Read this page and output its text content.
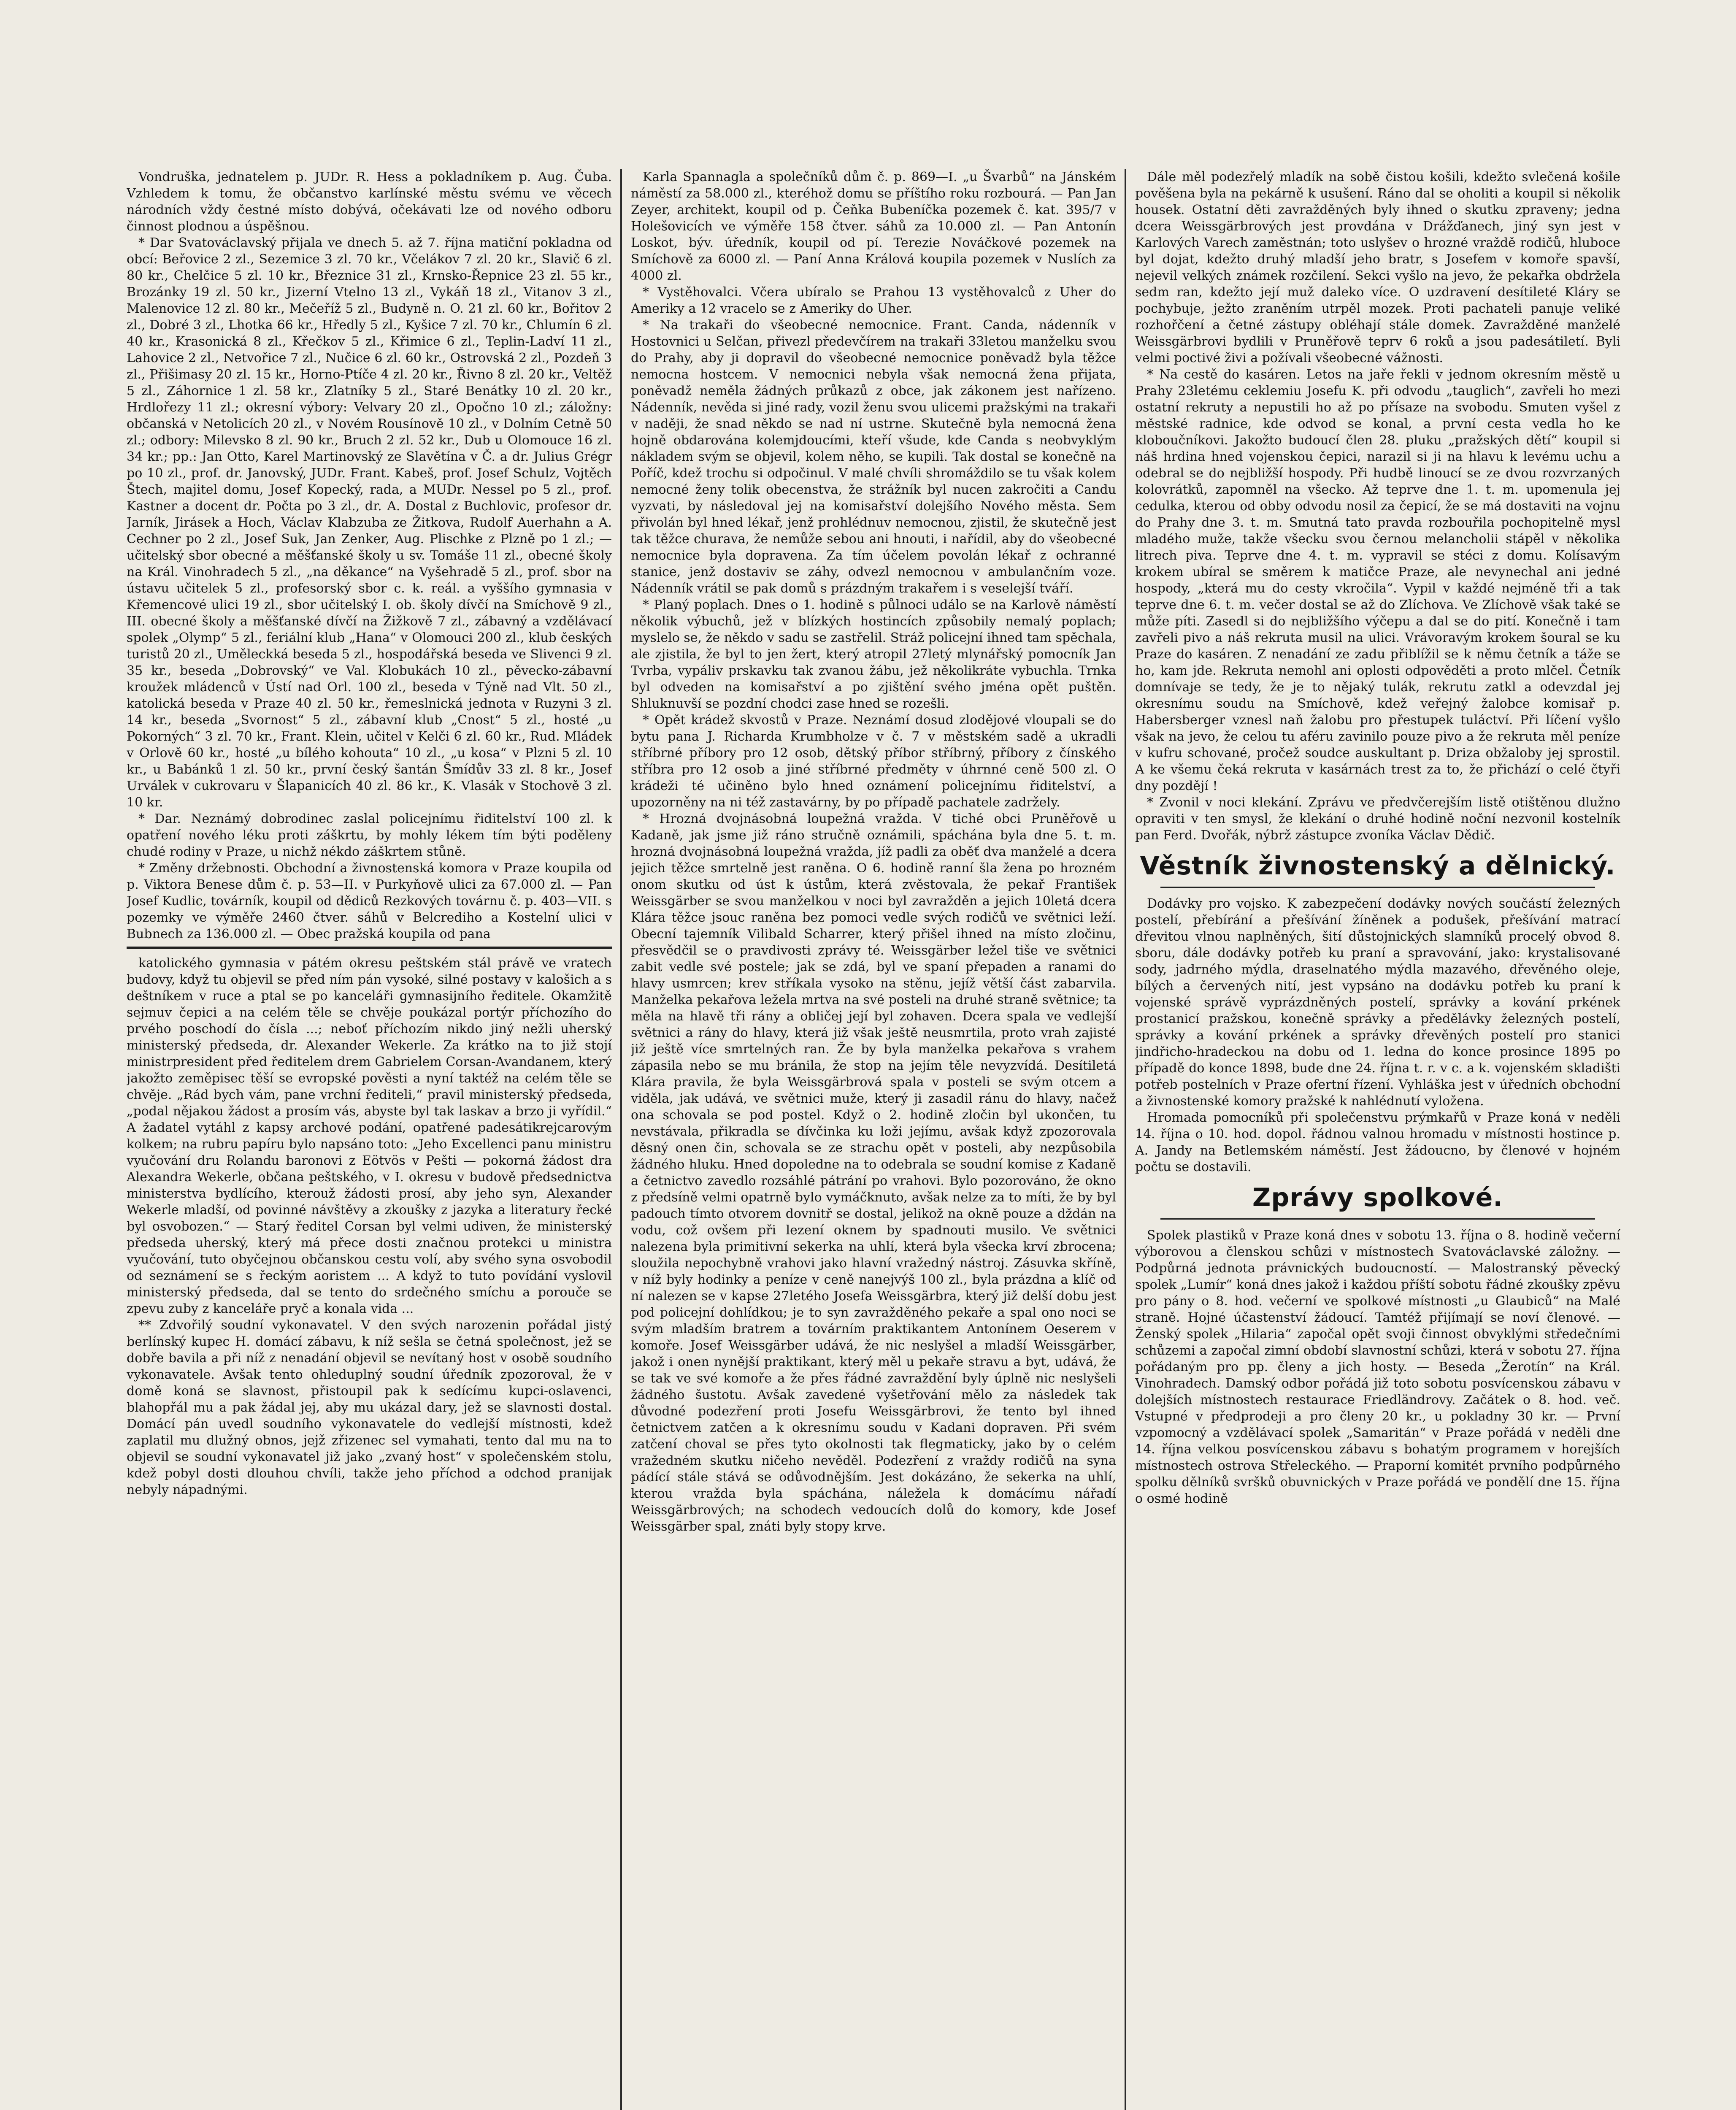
Vondruška, jednatelem p. JUDr. R. Hess a pokladníkem p. Aug. Čuba. Vzhledem k tomu, že občanstvo karlínské městu svému ve věcech národních vždy čestné místo dobývá, očekávati lze od nového odboru činnost plodnou a úspěšnou.

* Dar Svatováclavský přijala ve dnech 5. až 7. října matiční pokladna od obcí: Beřovice 2 zl., Sezemice 3 zl. 70 kr., Včelákov 7 zl. 20 kr., Slavič 6 zl. 80 kr., Chelčice 5 zl. 10 kr., Březnice 31 zl., Krnsko-Řepnice 23 zl. 55 kr., Brozánky 19 zl. 50 kr., Jizerní Vtelno 13 zl., Vykáň 18 zl., Vitanov 3 zl., Malenovice 12 zl. 80 kr., Mečeříž 5 zl., Budyně n. O. 21 zl. 60 kr., Bořitov 2 zl., Dobré 3 zl., Lhotka 66 kr., Hředly 5 zl., Kyšice 7 zl. 70 kr., Chlumín 6 zl. 40 kr., Krasonická 8 zl., Křečkov 5 zl., Křimice 6 zl., Teplin-Ladví 11 zl., Lahovice 2 zl., Netvořice 7 zl., Nučice 6 zl. 60 kr., Ostrovská 2 zl., Pozdeň 3 zl., Přišimasy 20 zl. 15 kr., Horno-Ptíče 4 zl. 20 kr., Řivno 8 zl. 20 kr., Veltěž 5 zl., Záhornice 1 zl. 58 kr., Zlatníky 5 zl., Staré Benátky 10 zl. 20 kr., Hrdlořezy 11 zl.; okresní výbory: Velvary 20 zl., Opočno 10 zl.; záložny: občanská v Netolicích 20 zl., v Novém Rousínově 10 zl., v Dolním Cetně 50 zl.; odbory: Milevsko 8 zl. 90 kr., Bruch 2 zl. 52 kr., Dub u Olomouce 16 zl. 34 kr.; pp.: Jan Otto, Karel Martinovský ze Slavětína v Č. a dr. Julius Grégr po 10 zl., prof. dr. Janovský, JUDr. Frant. Kabeš, prof. Josef Schulz, Vojtěch Štech, majitel domu, Josef Kopecký, rada, a MUDr. Nessel po 5 zl., prof. Kastner a docent dr. Počta po 3 zl., dr. A. Dostal z Buchlovic, profesor dr. Jarník, Jirásek a Hoch, Václav Klabzuba ze Žitkova, Rudolf Auerhahn a A. Cechner po 2 zl., Josef Suk, Jan Zenker, Aug. Plischke z Plzně po 1 zl.; — učitelský sbor obecné a měšťanské školy u sv. Tomáše 11 zl., obecné školy na Král. Vinohradech 5 zl., „na děkance“ na Vyšehradě 5 zl., prof. sbor na ústavu učitelek 5 zl., profesorský sbor c. k. reál. a vyššího gymnasia v Křemencové ulici 19 zl., sbor učitelský I. ob. školy dívčí na Smíchově 9 zl., III. obecné školy a měšťanské dívčí na Žižkově 7 zl., zábavný a vzdělávací spolek „Olymp“ 5 zl., feriální klub „Hana“ v Olomouci 200 zl., klub českých turistů 20 zl., Uměleckká beseda 5 zl., hospodářská beseda ve Slivenci 9 zl. 35 kr., beseda „Dobrovský“ ve Val. Klobukách 10 zl., pěvecko-zábavní kroužek mládenců v Ústí nad Orl. 100 zl., beseda v Týně nad Vlt. 50 zl., katolická beseda v Praze 40 zl. 50 kr., řemeslnická jednota v Ruzyni 3 zl. 14 kr., beseda „Svornost“ 5 zl., zábavní klub „Cnost“ 5 zl., hosté „u Pokorných“ 3 zl. 70 kr., Frant. Klein, učitel v Kelči 6 zl. 60 kr., Rud. Mládek v Orlově 60 kr., hosté „u bílého kohouta“ 10 zl., „u kosa“ v Plzni 5 zl. 10 kr., u Babánků 1 zl. 50 kr., první český šantán Šmídův 33 zl. 8 kr., Josef Urválek v cukrovaru v Šlapanicích 40 zl. 86 kr., K. Vlasák v Stochově 3 zl. 10 kr.

* Dar. Neznámý dobrodinec zaslal policejnímu řiditelství 100 zl. k opatření nového léku proti záškrtu, by mohly lékem tím býti poděleny chudé rodiny v Praze, u nichž nékdo záškrtem stůně.

* Změny držebnosti. Obchodní a živnostenská komora v Praze koupila od p. Viktora Benese dům č. p. 53—II. v Purkyňově ulici za 67.000 zl. — Pan Josef Kudlic, továrník, koupil od dědiců Rezkových továrnu č. p. 403—VII. s pozemky ve výměře 2460 čtver. sáhů v Belcrediho a Kostelní ulici v Bubnech za 136.000 zl. — Obec pražská koupila od pana

katolického gymnasia v pátém okresu peštském stál právě ve vratech budovy, když tu objevil se před ním pán vysoké, silné postavy v kalošich a s deštníkem v ruce a ptal se po kanceláři gymnasijního ředitele. Okamžitě sejmuv čepici a na celém těle se chvěje poukázal portýr příchozího do prvého poschodí do čísla ...; neboť příchozím nikdo jiný nežli uherský ministerský předseda, dr. Alexander Wekerle. Za krátko na to již stojí ministrpresident před ředitelem drem Gabrielem Corsan-Avandanem, který jakožto zeměpisec těší se evropské pověsti a nyní taktéž na celém těle se chvěje. „Rád bych vám, pane vrchní řediteli,“ pravil ministerský předseda, „podal nějakou žádost a prosím vás, abyste byl tak laskav a brzo ji vyřídil.“ A žadatel vytáhl z kapsy archové podání, opatřené padesátikrejcarovým kolkem; na rubru papíru bylo napsáno toto: „Jeho Excellenci panu ministru vyučování dru Rolandu baronovi z Eötvös v Pešti — pokorná žádost dra Alexandra Wekerle, občana peštského, v I. okresu v budově předsednictva ministerstva bydlícího, kterouž žádosti prosí, aby jeho syn, Alexander Wekerle mladší, od povinné návštěvy a zkoušky z jazyka a literatury řecké byl osvobozen.“ — Starý ředitel Corsan byl velmi udiven, že ministerský předseda uherský, který má přece dosti značnou protekci u ministra vyučování, tuto obyčejnou občanskou cestu volí, aby svého syna osvobodil od seznámení se s řeckým aoristem ... A když to tuto povídání vyslovil ministerský předseda, dal se tento do srdečného smíchu a porouče se zpevu zuby z kanceláře pryč a konala vida ...

** Zdvořilý soudní vykonavatel. V den svých narozenin pořádal jistý berlínský kupec H. domácí zábavu, k níž sešla se četná společnost, jež se dobře bavila a při níž z nenadání objevil se nevítaný host v osobě soudního vykonavatele. Avšak tento ohleduplný soudní úředník zpozoroval, že v domě koná se slavnost, přistoupil pak k sedícímu kupci-oslavenci, blahopřál mu a pak žádal jej, aby mu ukázal dary, jež se slavnosti dostal. Domácí pán uvedl soudního vykonavatele do vedlejší místnosti, kdež zaplatil mu dlužný obnos, jejž zřizenec sel vymahati, tento dal mu na to objevil se soudní vykonavatel již jako „zvaný host“ v společenském stolu, kdež pobyl dosti dlouhou chvíli, takže jeho příchod a odchod pranijak nebyly nápadnými.

Karla Spannagla a společníků dům č. p. 869—I. „u Švarbů“ na Jánském náměstí za 58.000 zl., kteréhož domu se příštího roku rozbourá. — Pan Jan Zeyer, architekt, koupil od p. Čeňka Bubeníčka pozemek č. kat. 395/7 v Holešovicích ve výměře 158 čtver. sáhů za 10.000 zl. — Pan Antonín Loskot, býv. úředník, koupil od pí. Terezie Nováčkové pozemek na Smíchově za 6000 zl. — Paní Anna Králová koupila pozemek v Nuslích za 4000 zl.

* Vystěhovalci. Včera ubíralo se Prahou 13 vystěhovalců z Uher do Ameriky a 12 vracelo se z Ameriky do Uher.

* Na trakaři do všeobecné nemocnice. Frant. Canda, nádenník v Hostovnici u Selčan, přivezl předevčírem na trakaři 33letou manželku svou do Prahy, aby ji dopravil do všeobecné nemocnice poněvadž byla těžce nemocna hostcem. V nemocnici nebyla však nemocná žena přijata, poněvadž neměla žádných průkazů z obce, jak zákonem jest nařízeno. Nádenník, nevěda si jiné rady, vozil ženu svou ulicemi pražskými na trakaři v naději, že snad někdo se nad ní ustrne. Skutečně byla nemocná žena hojně obdarována kolemjdoucími, kteří všude, kde Canda s neobvyklým nákladem svým se objevil, kolem něho, se kupili. Tak dostal se konečně na Poříč, kdež trochu si odpočinul. V malé chvíli shromáždilo se tu však kolem nemocné ženy tolik obecenstva, že strážník byl nucen zakročiti a Candu vyzvati, by následoval jej na komisařství dolejšího Nového města. Sem přivolán byl hned lékař, jenž prohlédnuv nemocnou, zjistil, že skutečně jest tak těžce churava, že nemůže sebou ani hnouti, i nařídil, aby do všeobecné nemocnice byla dopravena. Za tím účelem povolán lékař z ochranné stanice, jenž dostaviv se záhy, odvezl nemocnou v ambulančním voze. Nádenník vrátil se pak domů s prázdným trakařem i s veselejší tváří.

* Planý poplach. Dnes o 1. hodině s půlnoci událo se na Karlově náměstí několik výbuchů, jež v blízkých hostincích způsobily nemalý poplach; myslelo se, že někdo v sadu se zastřelil. Stráž policejní ihned tam spěchala, ale zjistila, že byl to jen žert, který atropil 27letý mlynářský pomocník Jan Tvrba, vypáliv prskavku tak zvanou žábu, jež několikráte vybuchla. Trnka byl odveden na komisařství a po zjištění svého jména opět puštěn. Shluknuvší se pozdní chodci zase hned se rozešli.

* Opět krádež skvostů v Praze. Neznámí dosud zlodějové vloupali se do bytu pana J. Richarda Krumbholze v č. 7 v městském sadě a ukradli stříbrné příbory pro 12 osob, dětský příbor stříbrný, příbory z čínského stříbra pro 12 osob a jiné stříbrné předměty v úhrnné ceně 500 zl. O krádeži té učiněno bylo hned oznámení policejnímu řiditelství, a upozorněny na ni též zastavárny, by po případě pachatele zadržely.

* Hrozná dvojnásobná loupežná vražda. V tiché obci Pruněřově u Kadaně, jak jsme již ráno stručně oznámili, spáchána byla dne 5. t. m. hrozná dvojnásobná loupežná vražda, jíž padli za oběť dva manželé a dcera jejich těžce smrtelně jest raněna. O 6. hodině ranní šla žena po hrozném onom skutku od úst k ústům, která zvěstovala, že pekař František Weissgärber se svou manželkou v noci byl zavražděn a jejich 10letá dcera Klára těžce jsouc raněna bez pomoci vedle svých rodičů ve světnici leží. Obecní tajemník Vilibald Scharrer, který přišel ihned na místo zločinu, přesvědčil se o pravdivosti zprávy té. Weissgärber ležel tiše ve světnici zabit vedle své postele; jak se zdá, byl ve spaní přepaden a ranami do hlavy usmrcen; krev stříkala vysoko na stěnu, jejíž větší část zabarvila. Manželka pekařova ležela mrtva na své posteli na druhé straně světnice; ta měla na hlavě tři rány a obličej její byl zohaven. Dcera spala ve vedlejší světnici a rány do hlavy, která již však ještě neusmrtila, proto vrah zajisté již ještě více smrtelných ran. Že by byla manželka pekařova s vrahem zápasila nebo se mu bránila, že stop na jejím těle nevyzvídá. Desítiletá Klára pravila, že byla Weissgärbrová spala v posteli se svým otcem a viděla, jak udává, ve světnici muže, který ji zasadil ránu do hlavy, načež ona schovala se pod postel. Když o 2. hodině zločin byl ukončen, tu nevstávala, přikradla se dívčinka ku loži jejímu, avšak když zpozorovala děsný onen čin, schovala se ze strachu opět v posteli, aby nezpůsobila žádného hluku. Hned dopoledne na to odebrala se soudní komise z Kadaně a četnictvo zavedlo rozsáhlé pátrání po vrahovi. Bylo pozorováno, že okno z předsíně velmi opatrně bylo vymáčknuto, avšak nelze za to míti, že by byl padouch tímto otvorem dovnitř se dostal, jelikož na okně pouze a dždán na vodu, což ovšem při lezení oknem by spadnouti musilo. Ve světnici nalezena byla primitivní sekerka na uhlí, která byla všecka krví zbrocena; sloužila nepochybně vrahovi jako hlavní vražedný nástroj. Zásuvka skříně, v níž byly hodinky a peníze v ceně nanejvýš 100 zl., byla prázdna a klíč od ní nalezen se v kapse 27letého Josefa Weissgärbra, který již delší dobu jest pod policejní dohlídkou; je to syn zavražděného pekaře a spal ono noci se svým mladším bratrem a továrním praktikantem Antonínem Oeserem v komoře. Josef Weissgärber udává, že nic neslyšel a mladší Weissgärber, jakož i onen nynější praktikant, který měl u pekaře stravu a byt, udává, že se tak ve své komoře a že přes řádné zavraždění byly úplně nic neslyšeli žádného šustotu. Avšak zavedené vyšetřování mělo za následek tak důvodné podezření proti Josefu Weissgärbrovi, že tento byl ihned četnictvem zatčen a k okresnímu soudu v Kadani dopraven. Při svém zatčení choval se přes tyto okolnosti tak flegmaticky, jako by o celém vražedném skutku ničeho nevěděl. Podezření z vraždy rodičů na syna pádící stále stává se odůvodnějším. Jest dokázáno, že sekerka na uhlí, kterou vražda byla spáchána, náležela k domácímu nářadí Weissgärbrových; na schodech vedoucích dolů do komory, kde Josef Weissgärber spal, znáti byly stopy krve.

Dále měl podezřelý mladík na sobě čistou košili, kdežto svlečená košile pověšena byla na pekárně k usušení. Ráno dal se oholiti a koupil si několik housek. Ostatní děti zavražděných byly ihned o skutku zpraveny; jedna dcera Weissgärbrových jest provdána v Drážďanech, jiný syn jest v Karlových Varech zaměstnán; toto uslyšev o hrozné vraždě rodičů, hluboce byl dojat, kdežto druhý mladší jeho bratr, s Josefem v komoře spavší, nejevil velkých známek rozčilení. Sekci vyšlo na jevo, že pekařka obdržela sedm ran, kdežto její muž daleko více. O uzdravení desítileté Kláry se pochybuje, ježto zraněním utrpěl mozek. Proti pachateli panuje veliké rozhořčení a četné zástupy obléhají stále domek. Zavražděné manželé Weissgärbrovi bydlili v Pruněřově teprv 6 roků a jsou padesátiletí. Byli velmi poctivé živi a požívali všeobecné vážnosti.

* Na cestě do kasáren. Letos na jaře řekli v jednom okresním městě u Prahy 23letému ceklemiu Josefu K. při odvodu „tauglich“, zavřeli ho mezi ostatní rekruty a nepustili ho až po přísaze na svobodu. Smuten vyšel z městské radnice, kde odvod se konal, a první cesta vedla ho ke kloboučníkovi. Jakožto budoucí člen 28. pluku „pražských dětí“ koupil si náš hrdina hned vojenskou čepici, narazil si ji na hlavu k levému uchu a odebral se do nejbližší hospody. Při hudbě linoucí se ze dvou rozvrzaných kolovrátků, zapomněl na všecko. Až teprve dne 1. t. m. upomenula jej cedulka, kterou od obby odvodu nosil za čepicí, že se má dostaviti na vojnu do Prahy dne 3. t. m. Smutná tato pravda rozbouřila pochopitelně mysl mladého muže, takže všecku svou černou melancholii stápěl v několika litrech piva. Teprve dne 4. t. m. vypravil se stéci z domu. Kolísavým krokem ubíral se směrem k matičce Praze, ale nevynechal ani jedné hospody, „která mu do cesty vkročila“. Vypil v každé nejméně tři a tak teprve dne 6. t. m. večer dostal se až do Zlíchova. Ve Zlíchově však také se může píti. Zasedl si do nejbližšího výčepu a dal se do pití. Konečně i tam zavřeli pivo a náš rekruta musil na ulici. Vrávoravým krokem šoural se ku Praze do kasáren. Z nenadání ze zadu přiblížil se k němu četník a táže se ho, kam jde. Rekruta nemohl ani oplosti odpověděti a proto mlčel. Četník domnívaje se tedy, že je to nějaký tulák, rekrutu zatkl a odevzdal jej okresnímu soudu na Smíchově, kdež veřejný žalobce komisař p. Habersberger vznesl naň žalobu pro přestupek tuláctví. Při líčení vyšlo však na jevo, že celou tu aféru zavinilo pouze pivo a že rekruta měl peníze v kufru schované, pročež soudce auskultant p. Driza obžaloby jej sprostil. A ke všemu čeká rekruta v kasárnách trest za to, že přichází o celé čtyři dny pozdějí !

* Zvonil v noci klekání. Zprávu ve předvčerejším listě otištěnou dlužno opraviti v ten smysl, že klekání o druhé hodině noční nezvonil kostelník pan Ferd. Dvořák, nýbrž zástupce zvoníka Václav Dědič.

Věstník živnostenský a dělnický.

Dodávky pro vojsko. K zabezpečení dodávky nových součástí železných postelí, přebírání a přešívání žíněnek a podušek, přešívání matrací dřevitou vlnou naplněných, šití důstojnických slamníků procelý obvod 8. sboru, dále dodávky potřeb ku praní a spravování, jako: krystalisované sody, jadrného mýdla, draselnatého mýdla mazavého, dřevěného oleje, bílých a červených nití, jest vypsáno na dodávku potřeb ku praní k vojenské správě vyprázdněných postelí, správky a kování prkének prostanicí pražskou, konečně správky a předělávky železných postelí, správky a kování prkének a správky dřevěných postelí pro stanici jindřicho-hradeckou na dobu od 1. ledna do konce prosince 1895 po případě do konce 1898, bude dne 24. října t. r. v c. a k. vojenském skladišti potřeb postelních v Praze ofertní řízení. Vyhláška jest v úředních obchodní a živnostenské komory pražské k nahlédnutí vyložena.

Hromada pomocníků při společenstvu prýmkařů v Praze koná v neděli 14. října o 10. hod. dopol. řádnou valnou hromadu v místnosti hostince p. A. Jandy na Betlemském náměstí. Jest žádoucno, by členové v hojném počtu se dostavili.

Zprávy spolkové.

Spolek plastiků v Praze koná dnes v sobotu 13. října o 8. hodině večerní výborovou a členskou schůzi v místnostech Svatováclavské záložny. — Podpůrná jednota právnických budoucností. — Malostranský pěvecký spolek „Lumír“ koná dnes jakož i každou příští sobotu řádné zkoušky zpěvu pro pány o 8. hod. večerní ve spolkové místnosti „u Glaubiců“ na Malé straně. Hojné účastenství žádoucí. Tamtéž přijímají se noví členové. — Ženský spolek „Hilaria“ započal opět svoji činnost obvyklými středečními schůzemi a započal zimní období slavnostní schůzi, která v sobotu 27. října pořádaným pro pp. členy a jich hosty. — Beseda „Žerotín“ na Král. Vinohradech. Damský odbor pořádá již toto sobotu posvícenskou zábavu v dolejších místnostech restaurace Friedländrovy. Začátek o 8. hod. več. Vstupné v předprodeji a pro členy 20 kr., u pokladny 30 kr. — První vzpomocný a vzdělávací spolek „Samaritán“ v Praze pořádá v neděli dne 14. října velkou posvícenskou zábavu s bohatým programem v horejších místnostech ostrova Střeleckého. — Praporní komitét prvního podpůrného spolku dělníků svršků obuvnických v Praze pořádá ve pondělí dne 15. října o osmé hodině
